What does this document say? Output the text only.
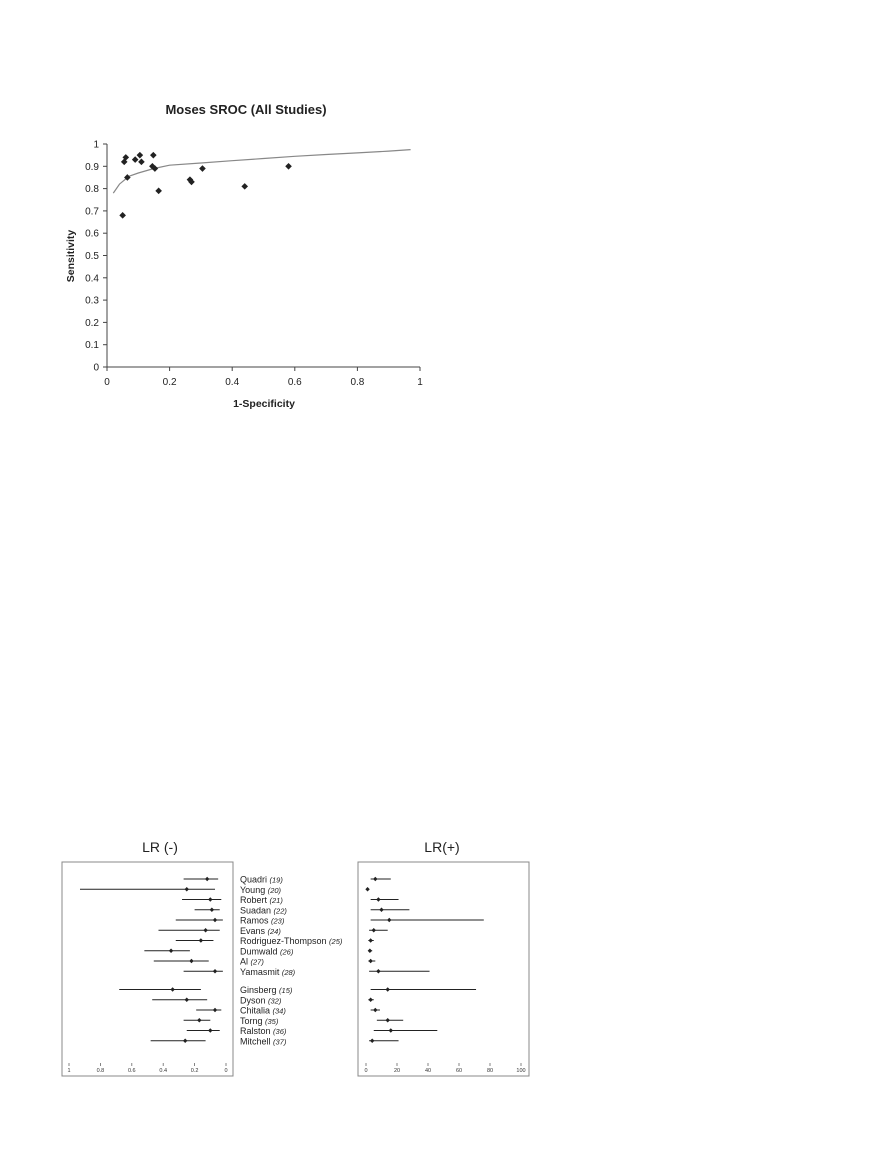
Moses SROC (All Studies)
0
0.1
0.2
0.3
0.4
0.5
0.6
0.7
0.8
0.9
1
0	0.2	0.4	0.6	0.8	1
Sensitivity
1-Specificity
LR (-)	LR(+)
1	0.8	0.6	0.4	0.2	0	0	20	40	60	80	100
Quadri (19)
Young (20)
Robert (21)
Suadan (22)
Ramos (23)
Evans (24)
Rodriguez-Thompson (25)
Dumwald (26)
Al (27)
Yamasmit (28)
Ginsberg (15)
Dyson (32)
Chitalia (34)
Torng (35)
Ralston (36)
Mitchell (37)
